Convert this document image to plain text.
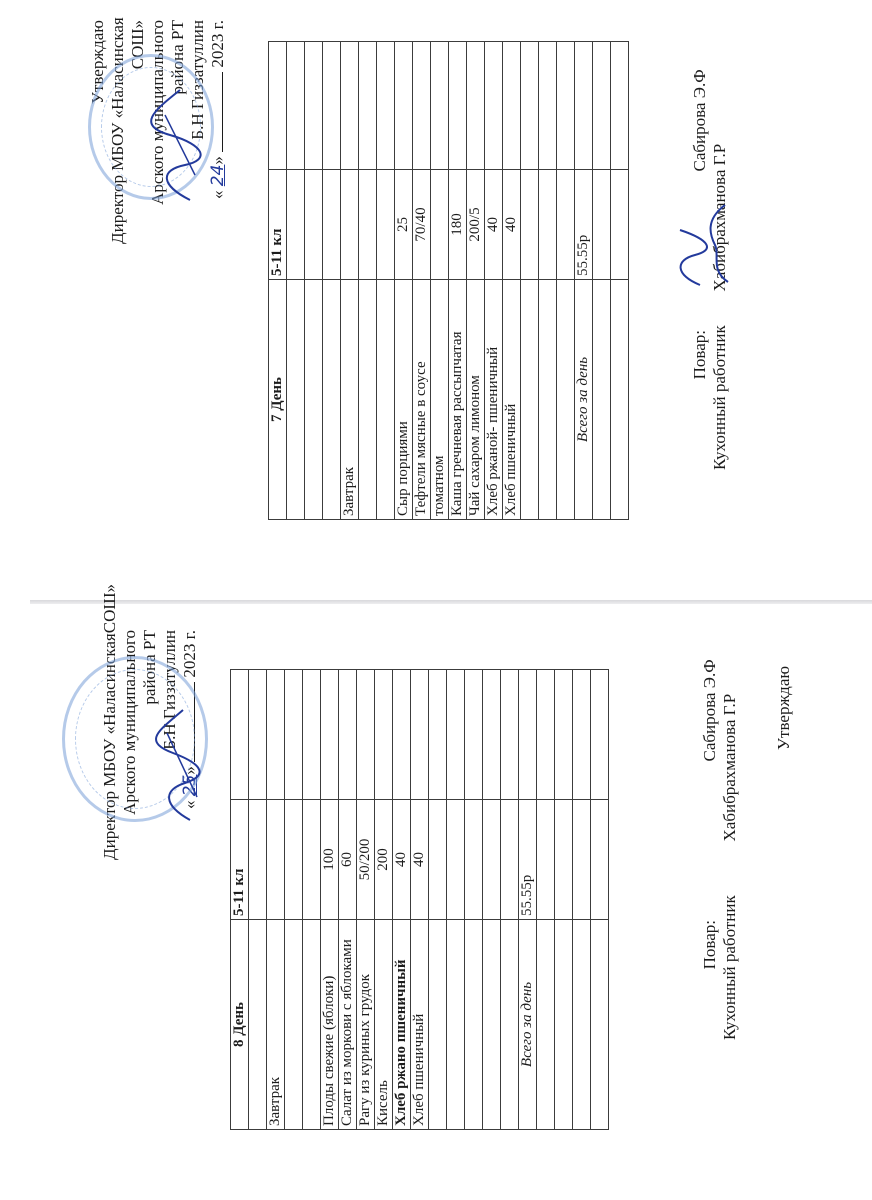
Утверждаю Директор МБОУ «Наласинская СОШ» Арского муниципального района РТ Б.Н Гиззатуллин
« 24»  2023 г.
7 День	5-11 кл	

Завтрак		

Сыр порциями	25	
Тефтели мясные в соусе	70/40	
томатном		
Каша гречневая рассыпчатая	180	
Чай сахаром лимоном	200/5	
Хлеб ржаной- пшеничный	40	
Хлеб пшеничный	40	

Всего за день	55.55р	

Повар:  Сабирова Э.Ф
Кухонный работник  Хабибрахманова Г.Р
Директор МБОУ «НаласинскаяСОШ»
Арского муниципального района РТ Б.Н Гиззатуллин
« 25»  2023 г.
8 День	5-11 кл	

Завтрак		

Плоды свежие (яблоки)	100	
Салат из моркови с яблоками	60	
Рагу из куриных грудок	50/200	
Кисель	200	
Хлеб ржано пшеничный	40	
Хлеб пшеничный	40	

Всего за день	55.55р	

Повар:  Сабирова Э.Ф
Кухонный работник  Хабибрахманова Г.Р Утверждаю
